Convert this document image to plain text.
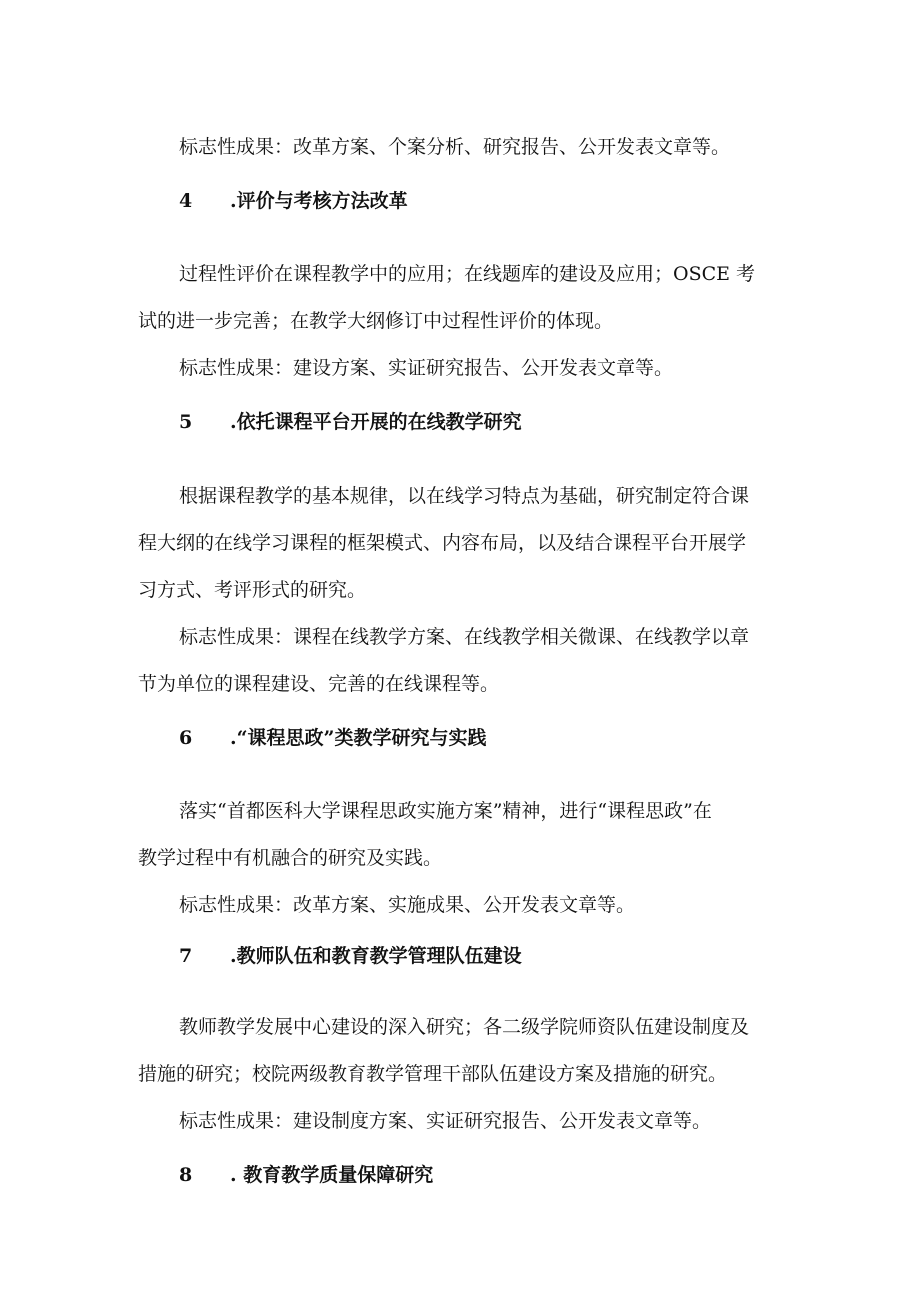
标志性成果：改革方案、个案分析、研究报告、公开发表文章等。
4 .评价与考核方法改革
过程性评价在课程教学中的应用；在线题库的建设及应用；OSCE 考
试的进一步完善；在教学大纲修订中过程性评价的体现。
标志性成果：建设方案、实证研究报告、公开发表文章等。
5 .依托课程平台开展的在线教学研究
根据课程教学的基本规律，以在线学习特点为基础，研究制定符合课
程大纲的在线学习课程的框架模式、内容布局，以及结合课程平台开展学
习方式、考评形式的研究。
标志性成果：课程在线教学方案、在线教学相关微课、在线教学以章
节为单位的课程建设、完善的在线课程等。
6 .“课程思政”类教学研究与实践
落实“首都医科大学课程思政实施方案”精神，进行“课程思政”在
教学过程中有机融合的研究及实践。
标志性成果：改革方案、实施成果、公开发表文章等。
7 .教师队伍和教育教学管理队伍建设
教师教学发展中心建设的深入研究；各二级学院师资队伍建设制度及
措施的研究；校院两级教育教学管理干部队伍建设方案及措施的研究。
标志性成果：建设制度方案、实证研究报告、公开发表文章等。
8 . 教育教学质量保障研究
